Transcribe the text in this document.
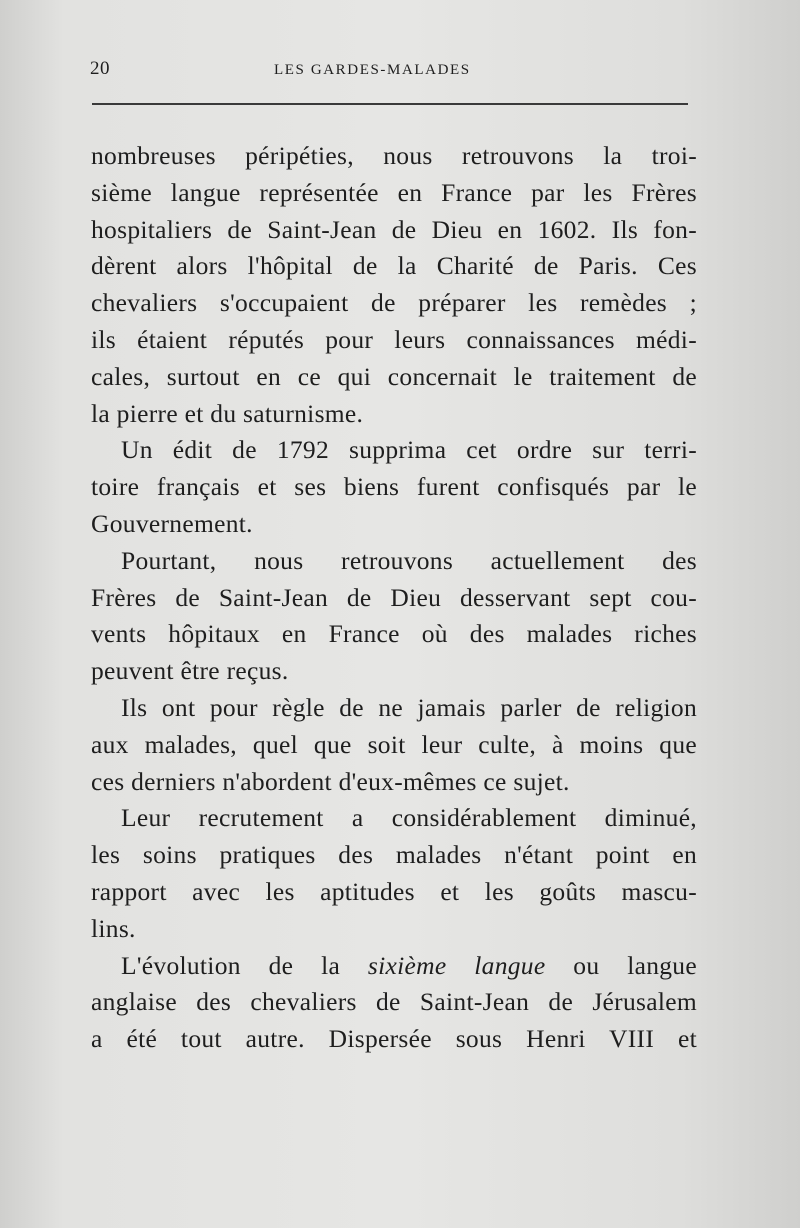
20	LES GARDES-MALADES
nombreuses péripéties, nous retrouvons la troi-
sième langue représentée en France par les Frères
hospitaliers de Saint-Jean de Dieu en 1602. Ils fon-
dèrent alors l'hôpital de la Charité de Paris. Ces
chevaliers s'occupaient de préparer les remèdes ;
ils étaient réputés pour leurs connaissances médi-
cales, surtout en ce qui concernait le traitement de
la pierre et du saturnisme.
Un édit de 1792 supprima cet ordre sur terri-
toire français et ses biens furent confisqués par le
Gouvernement.
Pourtant, nous retrouvons actuellement des
Frères de Saint-Jean de Dieu desservant sept cou-
vents hôpitaux en France où des malades riches
peuvent être reçus.
Ils ont pour règle de ne jamais parler de religion
aux malades, quel que soit leur culte, à moins que
ces derniers n'abordent d'eux-mêmes ce sujet.
Leur recrutement a considérablement diminué,
les soins pratiques des malades n'étant point en
rapport avec les aptitudes et les goûts mascu-
lins.
L'évolution de la sixième langue ou langue
anglaise des chevaliers de Saint-Jean de Jérusalem
a été tout autre. Dispersée sous Henri VIII et
